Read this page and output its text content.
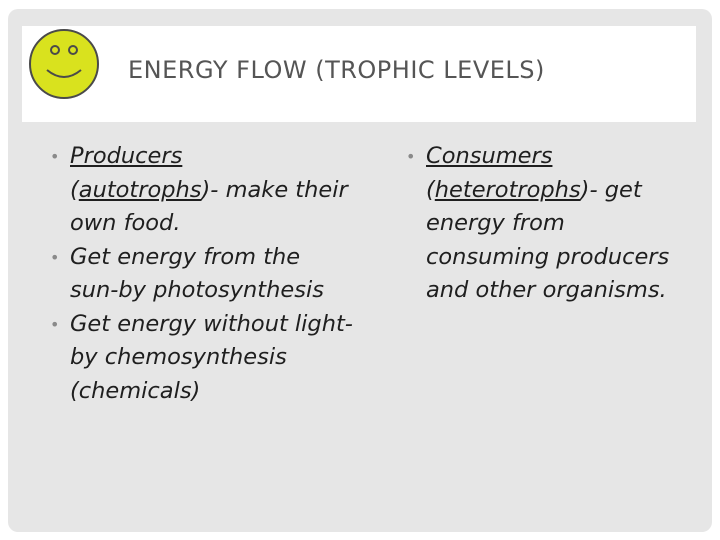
ENERGY FLOW (TROPHIC LEVELS)

• Producers
(autotrophs)- make their own food.

• Get energy from the sun-by photosynthesis

• Get energy without light- by chemosynthesis (chemicals)

• Consumers
(heterotrophs)- get energy from consuming producers and other organisms.
